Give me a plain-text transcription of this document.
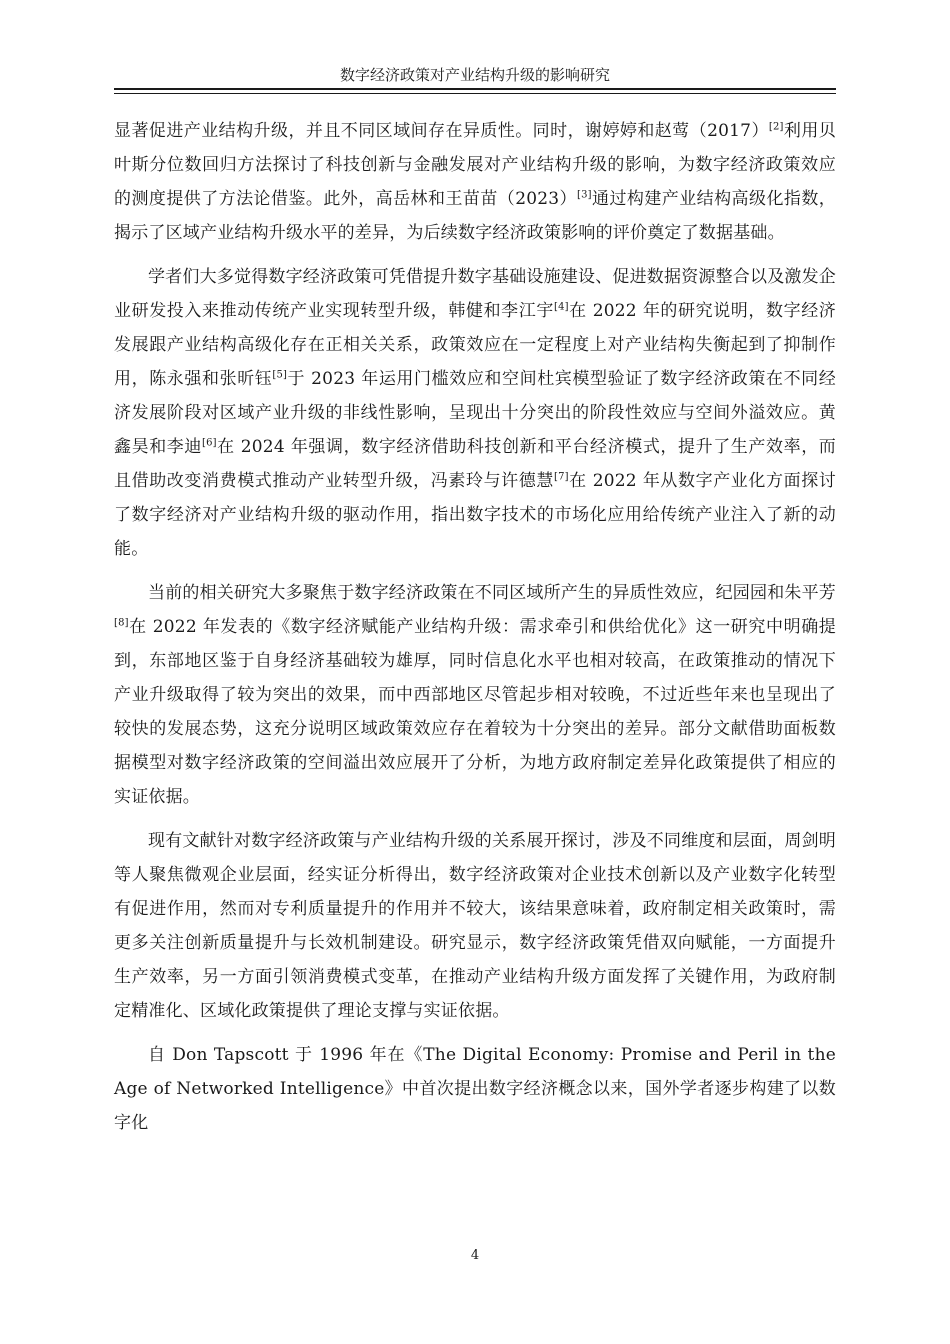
数字经济政策对产业结构升级的影响研究

显著促进产业结构升级，并且不同区域间存在异质性。同时，谢婷婷和赵莺（2017）[2]利用贝叶斯分位数回归方法探讨了科技创新与金融发展对产业结构升级的影响，为数字经济政策效应的测度提供了方法论借鉴。此外，高岳林和王苗苗（2023）[3]通过构建产业结构高级化指数，揭示了区域产业结构升级水平的差异，为后续数字经济政策影响的评价奠定了数据基础。

学者们大多觉得数字经济政策可凭借提升数字基础设施建设、促进数据资源整合以及激发企业研发投入来推动传统产业实现转型升级，韩健和李江宇[4]在 2022 年的研究说明，数字经济发展跟产业结构高级化存在正相关关系，政策效应在一定程度上对产业结构失衡起到了抑制作用，陈永强和张昕钰[5]于 2023 年运用门槛效应和空间杜宾模型验证了数字经济政策在不同经济发展阶段对区域产业升级的非线性影响，呈现出十分突出的阶段性效应与空间外溢效应。黄鑫昊和李迪[6]在 2024 年强调，数字经济借助科技创新和平台经济模式，提升了生产效率，而且借助改变消费模式推动产业转型升级，冯素玲与许德慧[7]在 2022 年从数字产业化方面探讨了数字经济对产业结构升级的驱动作用，指出数字技术的市场化应用给传统产业注入了新的动能。

当前的相关研究大多聚焦于数字经济政策在不同区域所产生的异质性效应，纪园园和朱平芳[8]在 2022 年发表的《数字经济赋能产业结构升级：需求牵引和供给优化》这一研究中明确提到，东部地区鉴于自身经济基础较为雄厚，同时信息化水平也相对较高，在政策推动的情况下产业升级取得了较为突出的效果，而中西部地区尽管起步相对较晚，不过近些年来也呈现出了较快的发展态势，这充分说明区域政策效应存在着较为十分突出的差异。部分文献借助面板数据模型对数字经济政策的空间溢出效应展开了分析，为地方政府制定差异化政策提供了相应的实证依据。

现有文献针对数字经济政策与产业结构升级的关系展开探讨，涉及不同维度和层面，周剑明等人聚焦微观企业层面，经实证分析得出，数字经济政策对企业技术创新以及产业数字化转型有促进作用，然而对专利质量提升的作用并不较大，该结果意味着，政府制定相关政策时，需更多关注创新质量提升与长效机制建设。研究显示，数字经济政策凭借双向赋能，一方面提升生产效率，另一方面引领消费模式变革，在推动产业结构升级方面发挥了关键作用，为政府制定精准化、区域化政策提供了理论支撑与实证依据。

自 Don Tapscott 于 1996 年在《The Digital Economy: Promise and Peril in the Age of Networked Intelligence》中首次提出数字经济概念以来，国外学者逐步构建了以数字化

4
